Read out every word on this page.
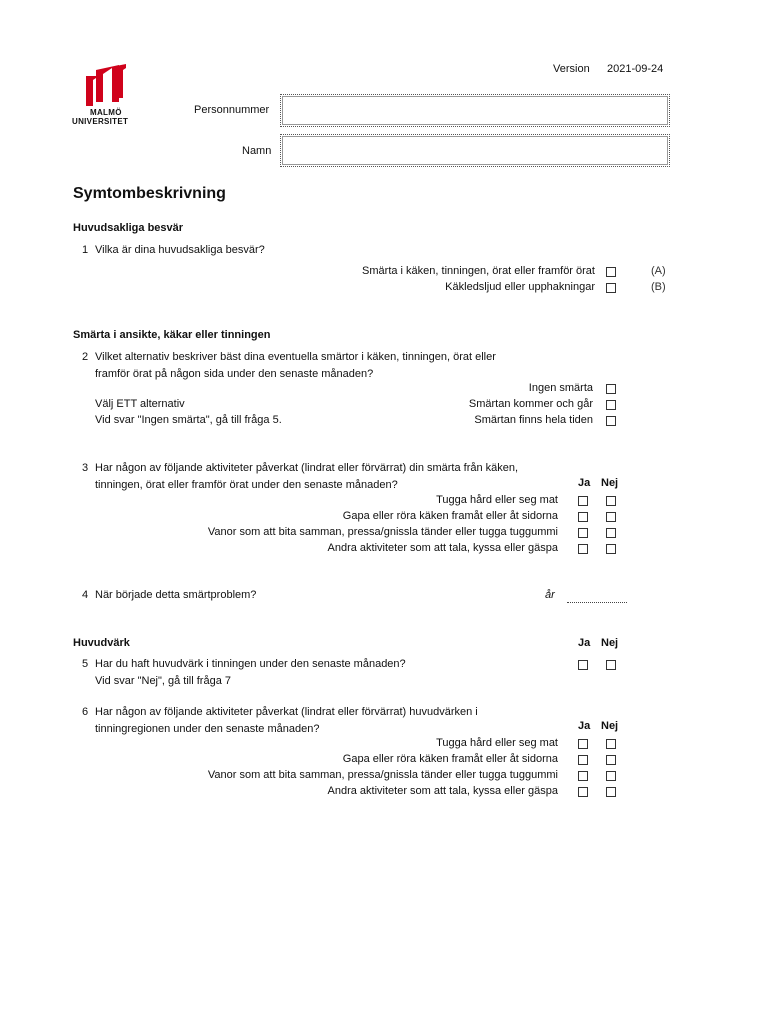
Version 2021-09-24
MALMÖ
UNIVERSITET
Personnummer
Namn
Symtombeskrivning
Huvudsakliga besvär
1 Vilka är dina huvudsakliga besvär?
Smärta i käken, tinningen, örat eller framför örat	(A)
Käkledsljud eller upphakningar	(B)
Smärta i ansikte, käkar eller tinningen
2 Vilket alternativ beskriver bäst dina eventuella smärtor i käken, tinningen, örat eller
framför örat på någon sida under den senaste månaden?
Ingen smärta
Välj ETT alternativ	Smärtan kommer och går
Vid svar "Ingen smärta", gå till fråga 5.	Smärtan finns hela tiden
3 Har någon av följande aktiviteter påverkat (lindrat eller förvärrat) din smärta från käken,
tinningen, örat eller framför örat under den senaste månaden?	Ja Nej
Tugga hård eller seg mat
Gapa eller röra käken framåt eller åt sidorna
Vanor som att bita samman, pressa/gnissla tänder eller tugga tuggummi
Andra aktiviteter som att tala, kyssa eller gäspa
4 När började detta smärtproblem?	år
Huvudvärk	Ja Nej
5 Har du haft huvudvärk i tinningen under den senaste månaden?
Vid svar "Nej", gå till fråga 7
6 Har någon av följande aktiviteter påverkat (lindrat eller förvärrat) huvudvärken i
tinningregionen under den senaste månaden?	Ja Nej
Tugga hård eller seg mat
Gapa eller röra käken framåt eller åt sidorna
Vanor som att bita samman, pressa/gnissla tänder eller tugga tuggummi
Andra aktiviteter som att tala, kyssa eller gäspa
